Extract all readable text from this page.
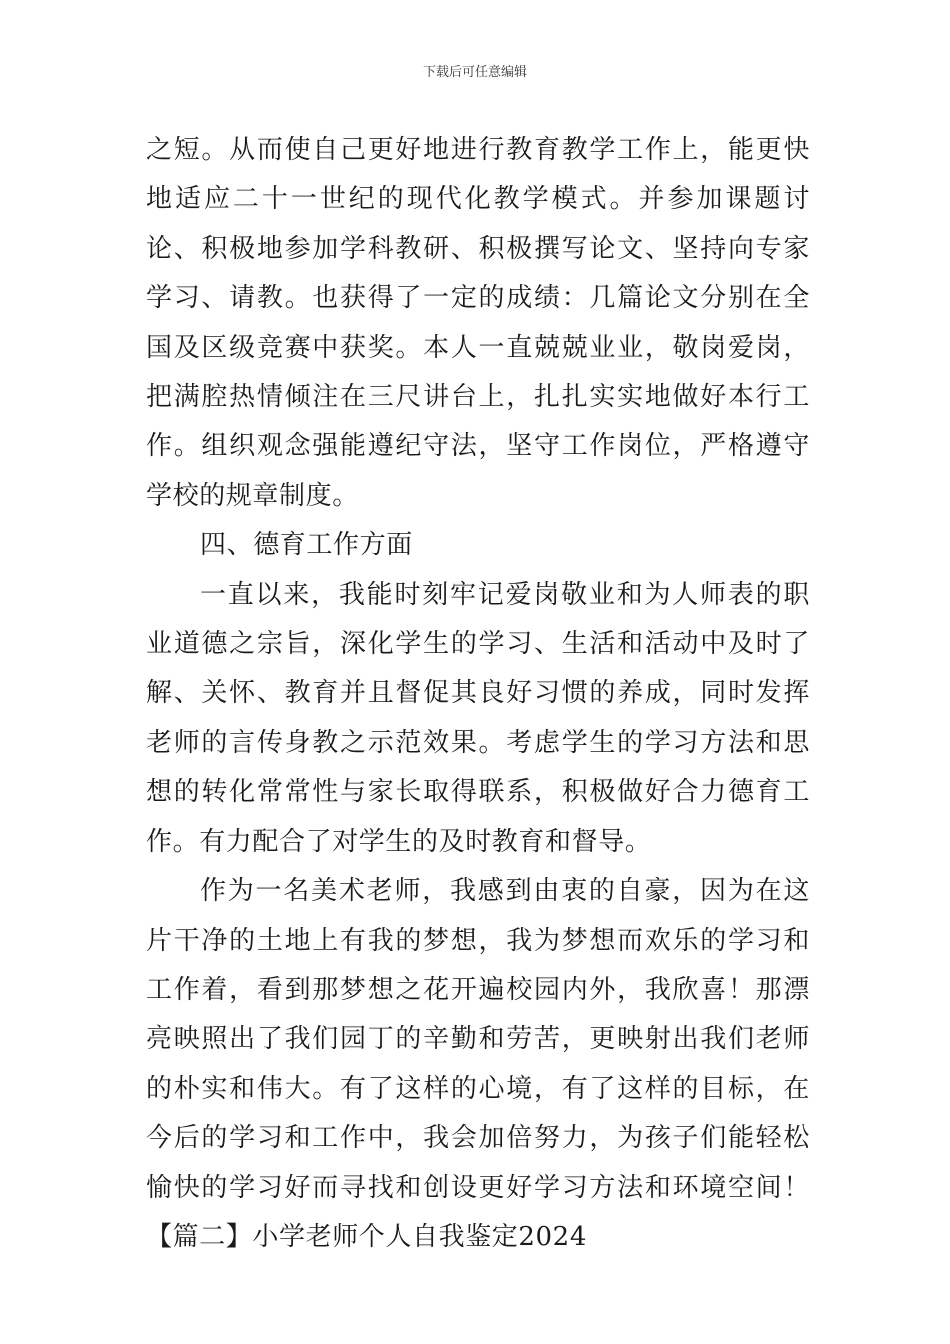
下载后可任意编辑

之短。从而使自己更好地进行教育教学工作上，能更快地适应二十一世纪的现代化教学模式。并参加课题讨论、积极地参加学科教研、积极撰写论文、坚持向专家学习、请教。也获得了一定的成绩：几篇论文分别在全国及区级竞赛中获奖。本人一直兢兢业业，敬岗爱岗，把满腔热情倾注在三尺讲台上，扎扎实实地做好本行工作。组织观念强能遵纪守法，坚守工作岗位，严格遵守学校的规章制度。

四、德育工作方面

一直以来，我能时刻牢记爱岗敬业和为人师表的职业道德之宗旨，深化学生的学习、生活和活动中及时了解、关怀、教育并且督促其良好习惯的养成，同时发挥老师的言传身教之示范效果。考虑学生的学习方法和思想的转化常常性与家长取得联系，积极做好合力德育工作。有力配合了对学生的及时教育和督导。

作为一名美术老师，我感到由衷的自豪，因为在这片干净的土地上有我的梦想，我为梦想而欢乐的学习和工作着，看到那梦想之花开遍校园内外，我欣喜！那漂亮映照出了我们园丁的辛勤和劳苦，更映射出我们老师的朴实和伟大。有了这样的心境，有了这样的目标，在今后的学习和工作中，我会加倍努力，为孩子们能轻松愉快的学习好而寻找和创设更好学习方法和环境空间！【篇二】小学老师个人自我鉴定2024
